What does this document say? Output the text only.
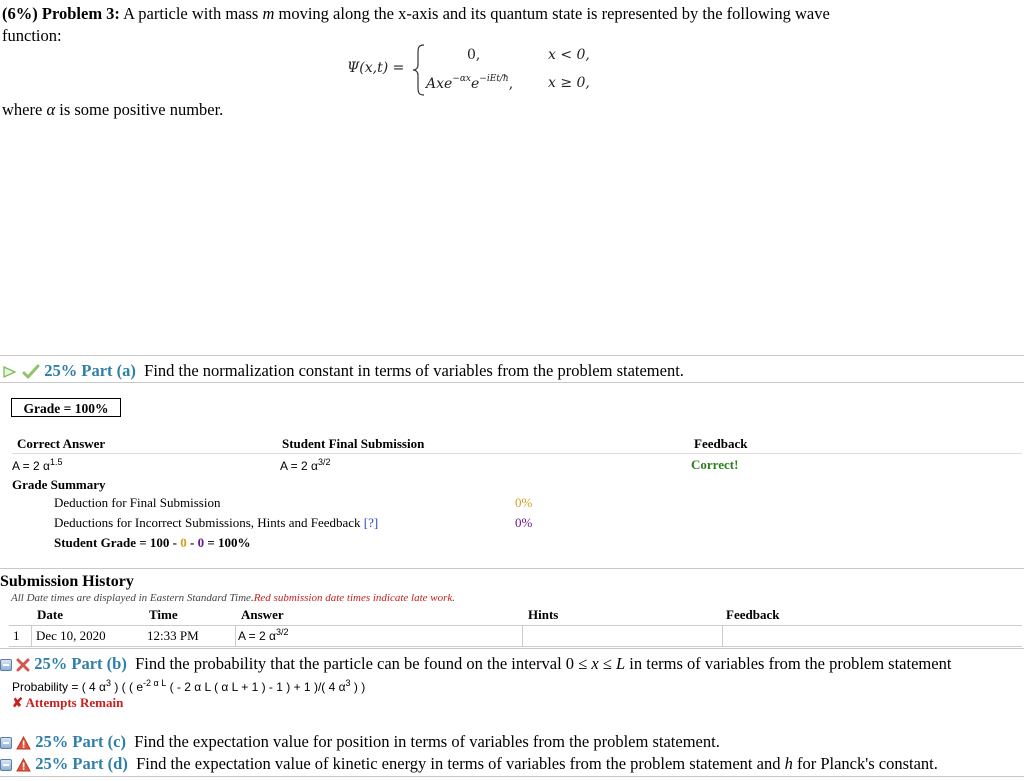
(6%) Problem 3: A particle with mass m moving along the x-axis and its quantum state is represented by the following wave
function:
Ψ(x,t) =
0,	x < 0,
$Axe^{-\alpha x}e^{-iEt/ħ}$, x ≥ 0,
where α is some positive number.
25% Part (a) Find the normalization constant in terms of variables from the problem statement.
Grade = 100%
Correct Answer	Student Final Submission	Feedback
A = 2 $\alpha^{1.5}$	A = 2 $\alpha^{3/2}$	Correct!
Grade Summary
Deduction for Final Submission	0%
Deductions for Incorrect Submissions, Hints and Feedback [?]	0%
Student Grade = 100 - 0 - 0 = 100%
Submission History
All Date times are displayed in Eastern Standard Time.Red submission date times indicate late work.
Date	Time	Answer	Hints	Feedback
1 Dec 10, 2020	12:33 PM	A = 2 $\alpha^{3/2}$
25% Part (b) Find the probability that the particle can be found on the interval 0 ≤ x ≤ L in terms of variables from the problem statement
Probability = ( 4 $\alpha^3$ ) ( ( $e^{-2 \alpha L}$ ( - 2 α L ( α L + 1 ) - 1 ) + 1 )/( 4 $\alpha^3$ ) )
✘ Attempts Remain
25% Part (c) Find the expectation value for position in terms of variables from the problem statement.
25% Part (d) Find the expectation value of kinetic energy in terms of variables from the problem statement and h for Planck's constant.
